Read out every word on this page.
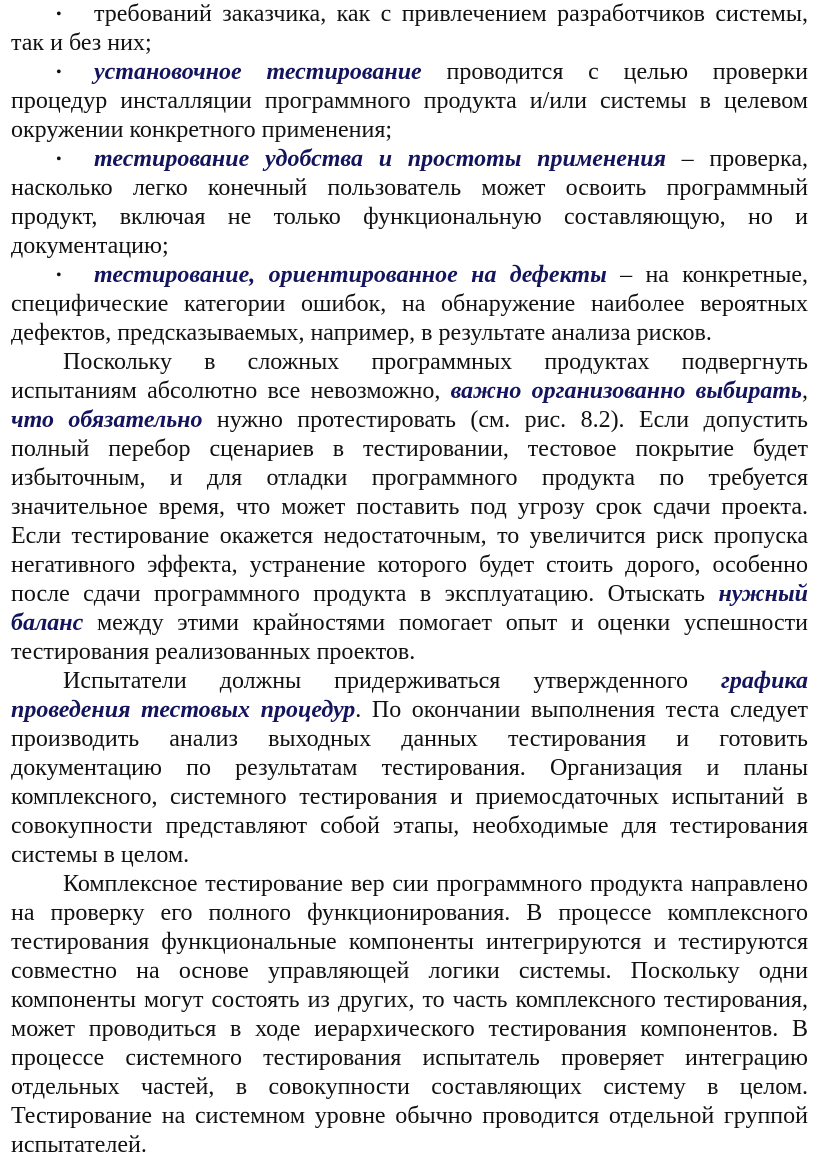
• требований заказчика, как с привлечением разработчиков системы, так и без них;

• установочное тестирование проводится с целью проверки процедур инсталляции программного продукта и/или системы в целевом окружении конкретного применения;

• тестирование удобства и простоты применения – проверка, насколько легко конечный пользователь может освоить программный продукт, включая не только функциональную составляющую, но и документацию;

• тестирование, ориентированное на дефекты – на конкретные, специфические категории ошибок, на обнаружение наиболее вероятных дефектов, предсказываемых, например, в результате анализа рисков.

Поскольку в сложных программных продуктах подвергнуть испытаниям абсолютно все невозможно, важно организованно выбирать, что обязательно нужно протестировать (см. рис. 8.2). Если допустить полный перебор сценариев в тестировании, тестовое покрытие будет избыточным, и для отладки программного продукта по требуется значительное время, что может поставить под угрозу срок сдачи проекта. Если тестирование окажется недостаточным, то увеличится риск пропуска негативного эффекта, устранение которого будет стоить дорого, особенно после сдачи программного продукта в эксплуатацию. Отыскать нужный баланс между этими крайностями помогает опыт и оценки успешности тестирования реализованных проектов.

Испытатели должны придерживаться утвержденного графика проведения тестовых процедур. По окончании выполнения теста следует производить анализ выходных данных тестирования и готовить документацию по результатам тестирования. Организация и планы комплексного, системного тестирования и приемосдаточных испытаний в совокупности представляют собой этапы, необходимые для тестирования системы в целом.

Комплексное тестирование вер сии программного продукта направлено на проверку его полного функционирования. В процессе комплексного тестирования функциональные компоненты интегрируются и тестируются совместно на основе управляющей логики системы. Поскольку одни компоненты могут состоять из других, то часть комплексного тестирования, может проводиться в ходе иерархического тестирования компонентов. В процессе системного тестирования испытатель проверяет интеграцию отдельных частей, в совокупности составляющих систему в целом. Тестирование на системном уровне обычно проводится отдельной группой испытателей.
